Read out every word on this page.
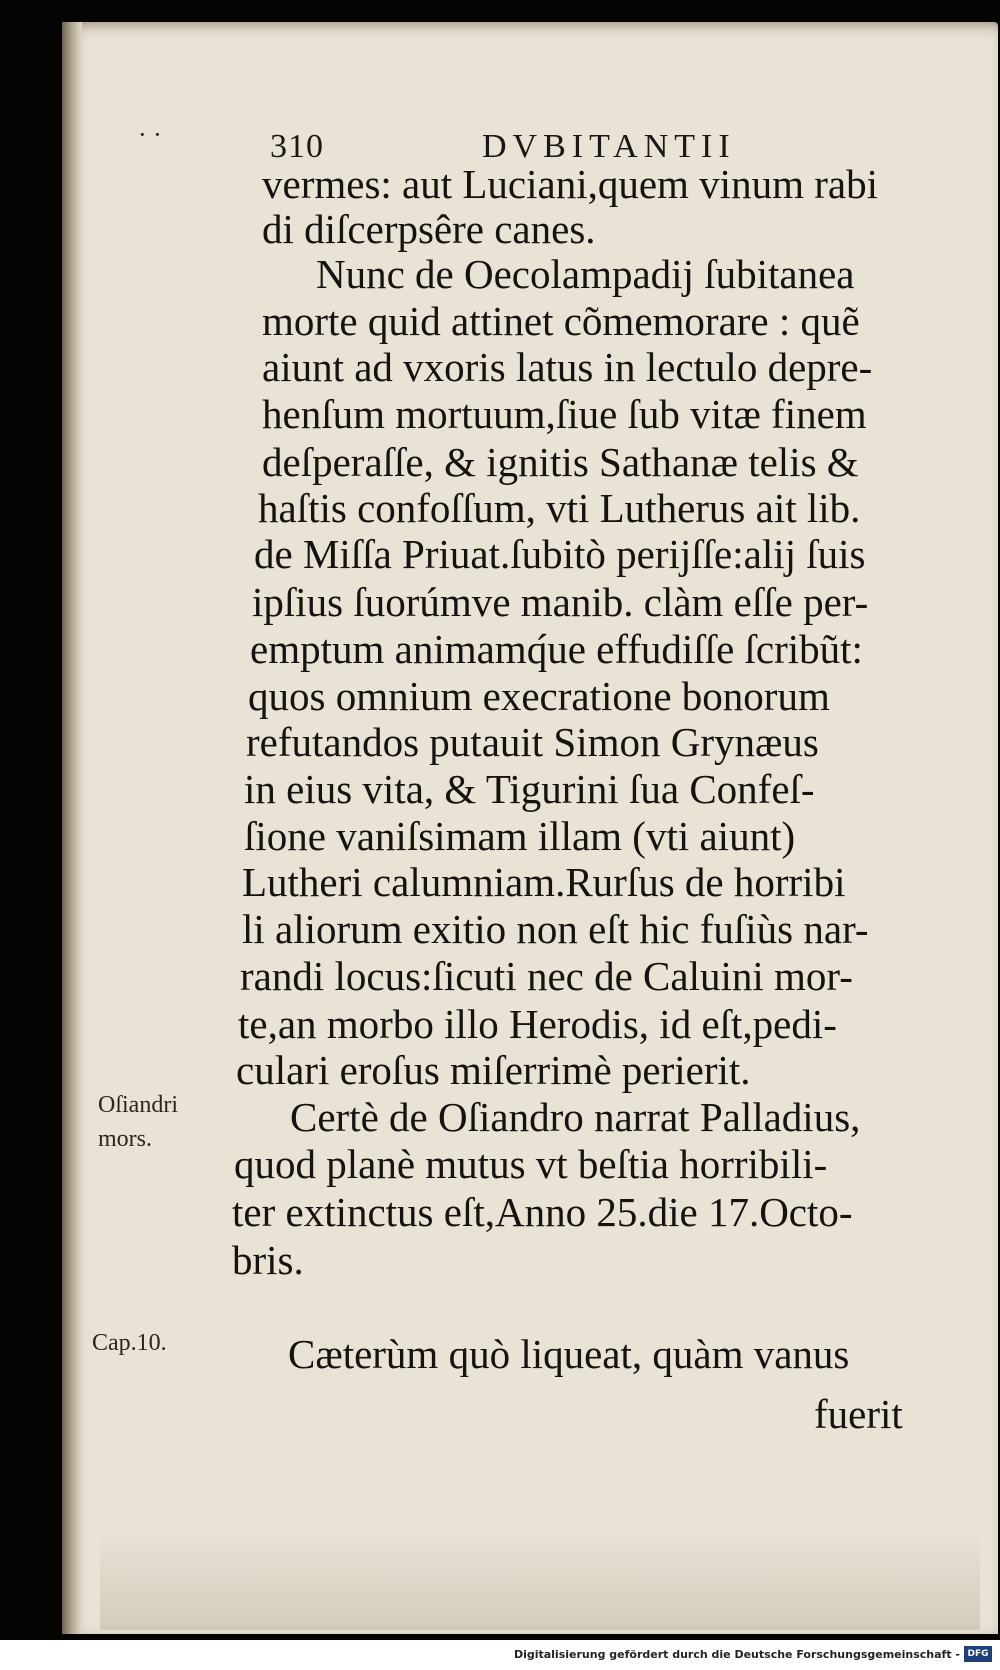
· ·	310	DVBITANTII
vermes: aut Luciani,quem vinum rabi
di diſcerpsêre canes.
Nunc de Oecolampadij ſubitanea
morte quid attinet cõmemorare : quẽ
aiunt ad vxoris latus in lectulo depre-
henſum mortuum,ſiue ſub vitæ finem
deſperaſſe, & ignitis Sathanæ telis &
haſtis confoſſum, vti Lutherus ait lib.
de Miſſa Priuat.ſubitò perijſſe:alij ſuis
ipſius ſuorúmve manib. clàm eſſe per-
emptum animamq́ue effudiſſe ſcribũt:
quos omnium execratione bonorum
refutandos putauit Simon Grynæus
in eius vita, & Tigurini ſua Confeſ-
ſione vaniſsimam illam (vti aiunt)
Lutheri calumniam.Rurſus de horribi
li aliorum exitio non eſt hic fuſiùs nar-
randi locus:ſicuti nec de Caluini mor-
te,an morbo illo Herodis, id eſt,pedi-
culari eroſus miſerrimè perierit.
Certè de Oſiandro narrat Palladius,
quod planè mutus vt beſtia horribili-
ter extinctus eſt,Anno 25.die 17.Octo-
bris.
Cæterùm quò liqueat, quàm vanus
fuerit
Oſiandri
mors.
Cap.10.
Digitalisierung gefördert durch die Deutsche Forschungsgemeinschaft - DFG
